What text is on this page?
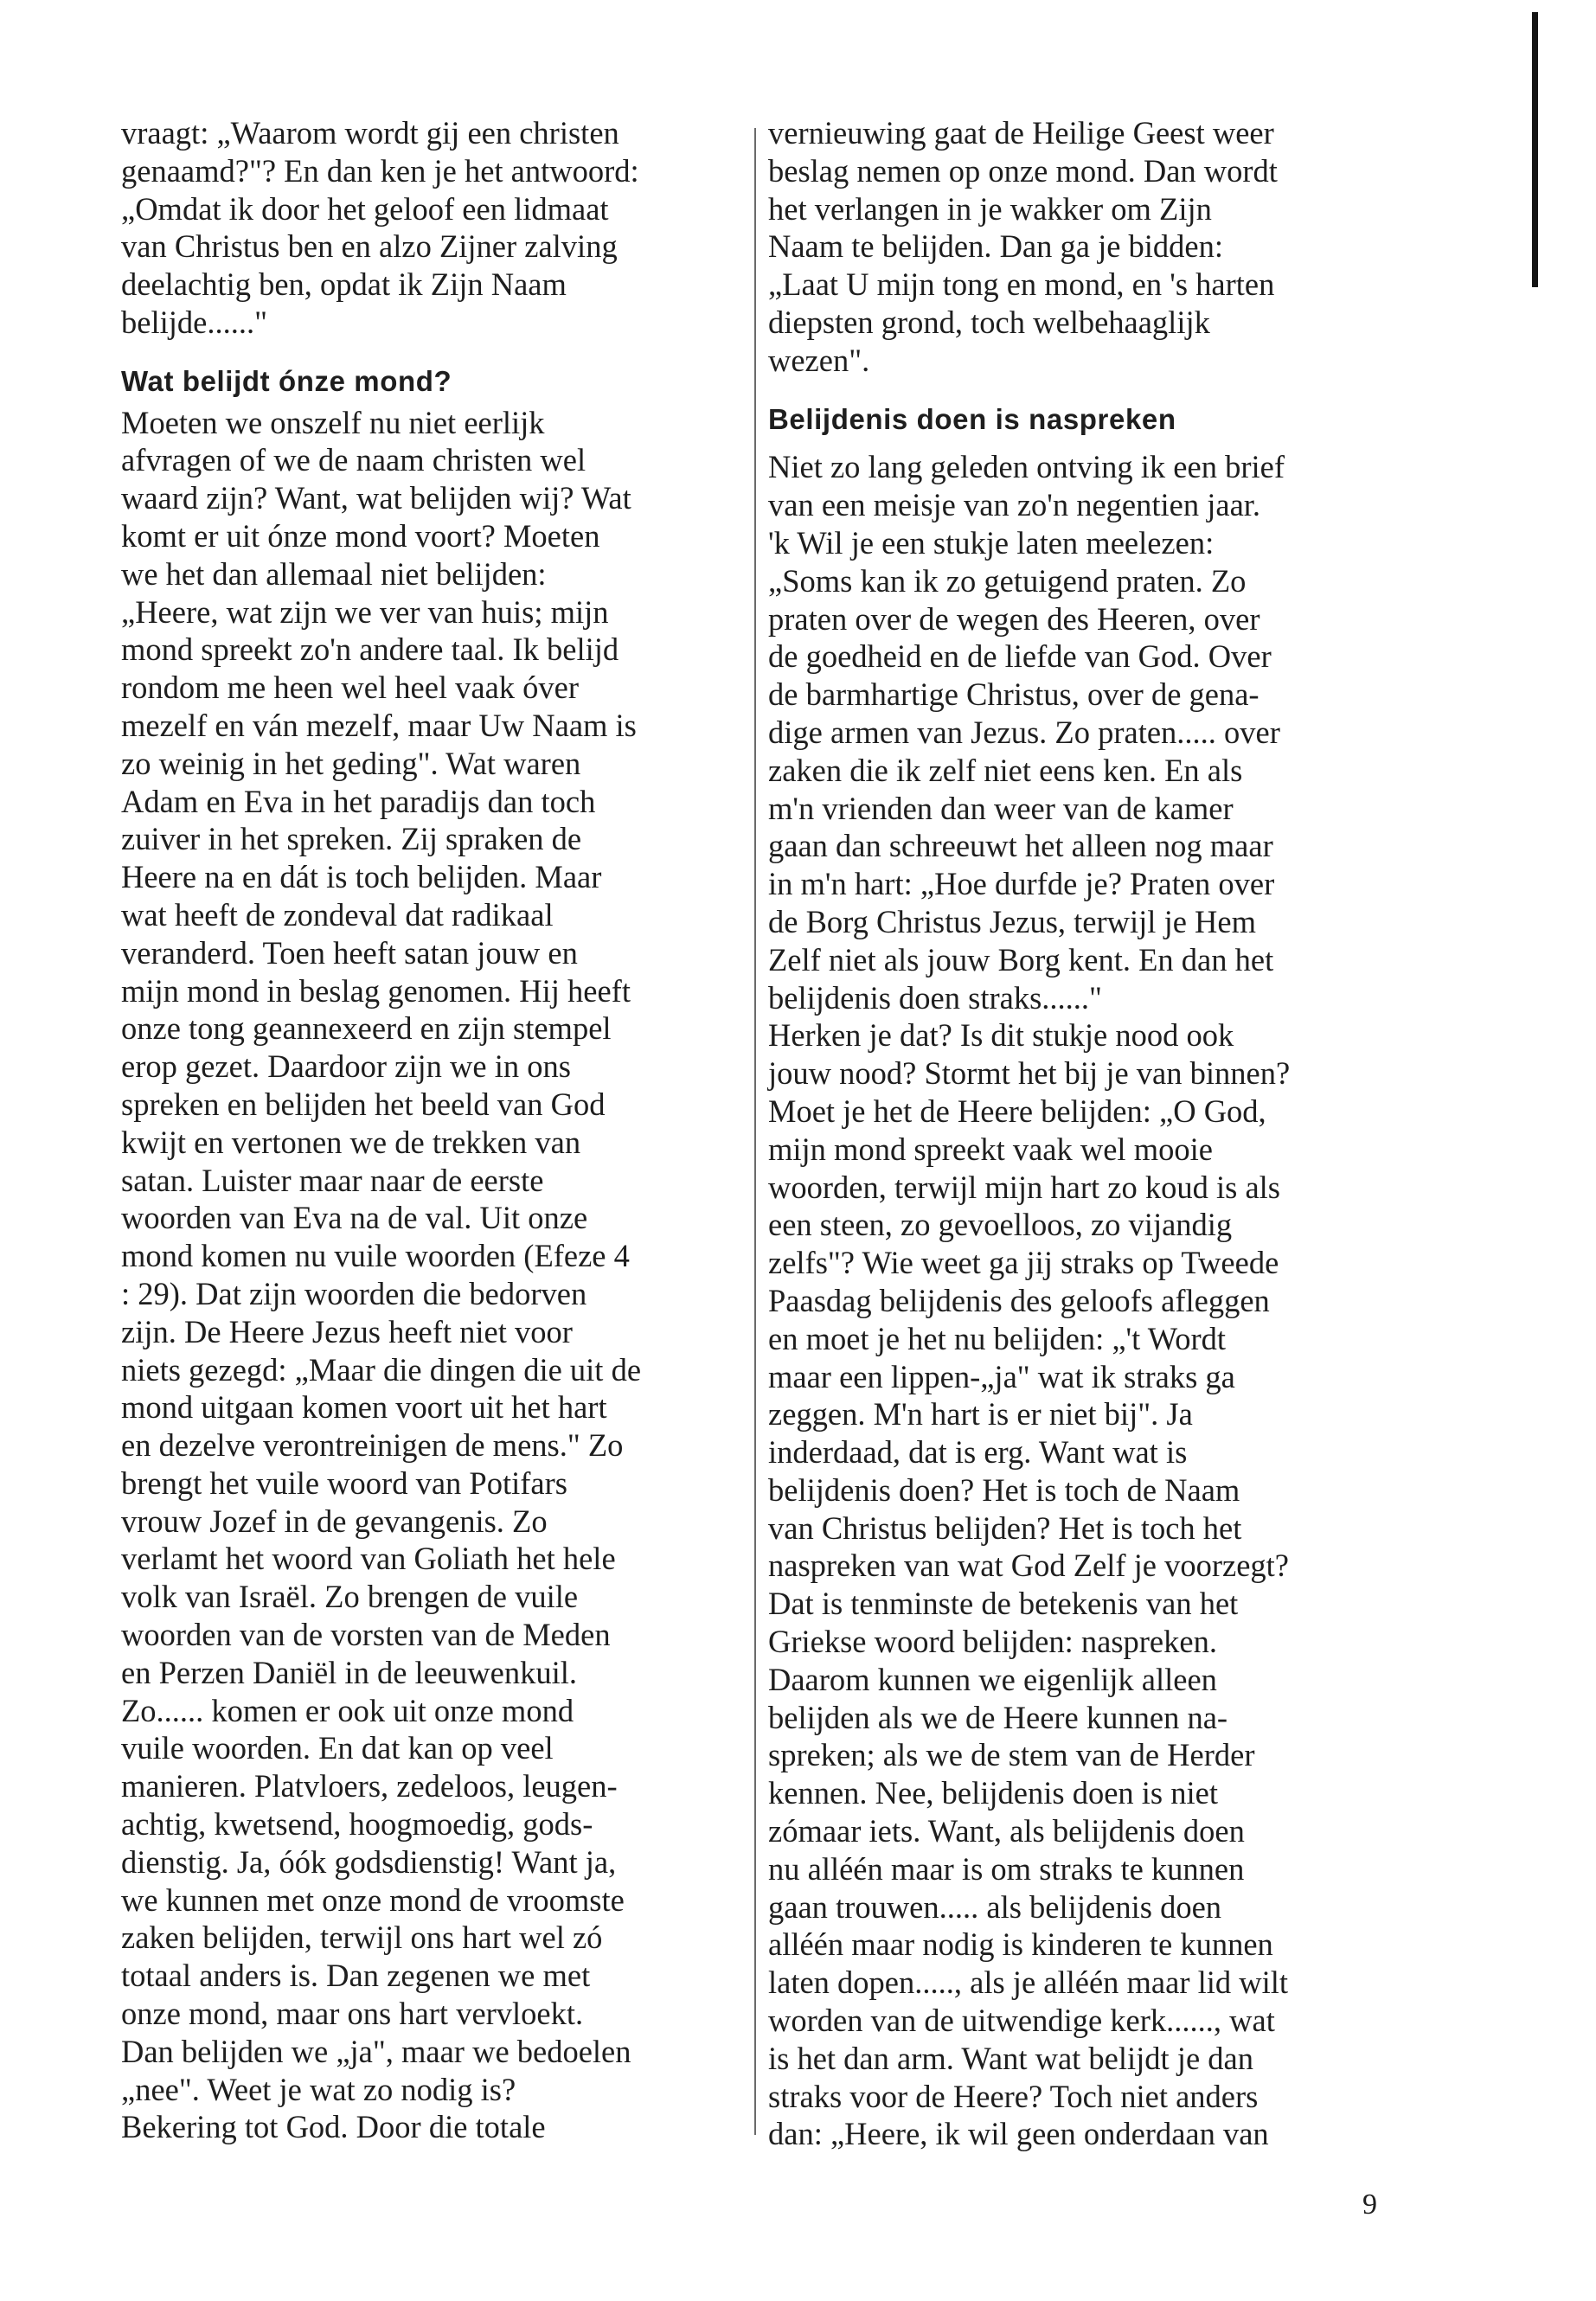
vraagt: „Waarom wordt gij een christen

genaamd?"? En dan ken je het antwoord:

„Omdat ik door het geloof een lidmaat

van Christus ben en alzo Zijner zalving

deelachtig ben, opdat ik Zijn Naam

belijde......"

Wat belijdt ónze mond?

Moeten we onszelf nu niet eerlijk

afvragen of we de naam christen wel

waard zijn? Want, wat belijden wij? Wat

komt er uit ónze mond voort? Moeten

we het dan allemaal niet belijden:

„Heere, wat zijn we ver van huis; mijn

mond spreekt zo'n andere taal. Ik belijd

rondom me heen wel heel vaak óver

mezelf en ván mezelf, maar Uw Naam is

zo weinig in het geding". Wat waren

Adam en Eva in het paradijs dan toch

zuiver in het spreken. Zij spraken de

Heere na en dát is toch belijden. Maar

wat heeft de zondeval dat radikaal

veranderd. Toen heeft satan jouw en

mijn mond in beslag genomen. Hij heeft

onze tong geannexeerd en zijn stempel

erop gezet. Daardoor zijn we in ons

spreken en belijden het beeld van God

kwijt en vertonen we de trekken van

satan. Luister maar naar de eerste

woorden van Eva na de val. Uit onze

mond komen nu vuile woorden (Efeze 4

: 29). Dat zijn woorden die bedorven

zijn. De Heere Jezus heeft niet voor

niets gezegd: „Maar die dingen die uit de

mond uitgaan komen voort uit het hart

en dezelve verontreinigen de mens." Zo

brengt het vuile woord van Potifars

vrouw Jozef in de gevangenis. Zo

verlamt het woord van Goliath het hele

volk van Israël. Zo brengen de vuile

woorden van de vorsten van de Meden

en Perzen Daniël in de leeuwenkuil.

Zo...... komen er ook uit onze mond

vuile woorden. En dat kan op veel

manieren. Platvloers, zedeloos, leugen-

achtig, kwetsend, hoogmoedig, gods-

dienstig. Ja, óók godsdienstig! Want ja,

we kunnen met onze mond de vroomste

zaken belijden, terwijl ons hart wel zó

totaal anders is. Dan zegenen we met

onze mond, maar ons hart vervloekt.

Dan belijden we „ja", maar we bedoelen

„nee". Weet je wat zo nodig is?

Bekering tot God. Door die totale

vernieuwing gaat de Heilige Geest weer

beslag nemen op onze mond. Dan wordt

het verlangen in je wakker om Zijn

Naam te belijden. Dan ga je bidden:

„Laat U mijn tong en mond, en 's harten

diepsten grond, toch welbehaaglijk

wezen".

Belijdenis doen is naspreken

Niet zo lang geleden ontving ik een brief

van een meisje van zo'n negentien jaar.

'k Wil je een stukje laten meelezen:

„Soms kan ik zo getuigend praten. Zo

praten over de wegen des Heeren, over

de goedheid en de liefde van God. Over

de barmhartige Christus, over de gena-

dige armen van Jezus. Zo praten..... over

zaken die ik zelf niet eens ken. En als

m'n vrienden dan weer van de kamer

gaan dan schreeuwt het alleen nog maar

in m'n hart: „Hoe durfde je? Praten over

de Borg Christus Jezus, terwijl je Hem

Zelf niet als jouw Borg kent. En dan het

belijdenis doen straks......"

Herken je dat? Is dit stukje nood ook

jouw nood? Stormt het bij je van binnen?

Moet je het de Heere belijden: „O God,

mijn mond spreekt vaak wel mooie

woorden, terwijl mijn hart zo koud is als

een steen, zo gevoelloos, zo vijandig

zelfs"? Wie weet ga jij straks op Tweede

Paasdag belijdenis des geloofs afleggen

en moet je het nu belijden: „'t Wordt

maar een lippen-„ja" wat ik straks ga

zeggen. M'n hart is er niet bij". Ja

inderdaad, dat is erg. Want wat is

belijdenis doen? Het is toch de Naam

van Christus belijden? Het is toch het

naspreken van wat God Zelf je voorzegt?

Dat is tenminste de betekenis van het

Griekse woord belijden: naspreken.

Daarom kunnen we eigenlijk alleen

belijden als we de Heere kunnen na-

spreken; als we de stem van de Herder

kennen. Nee, belijdenis doen is niet

zómaar iets. Want, als belijdenis doen

nu alléén maar is om straks te kunnen

gaan trouwen..... als belijdenis doen

alléén maar nodig is kinderen te kunnen

laten dopen....., als je alléén maar lid wilt

worden van de uitwendige kerk......, wat

is het dan arm. Want wat belijdt je dan

straks voor de Heere? Toch niet anders

dan: „Heere, ik wil geen onderdaan van

9
